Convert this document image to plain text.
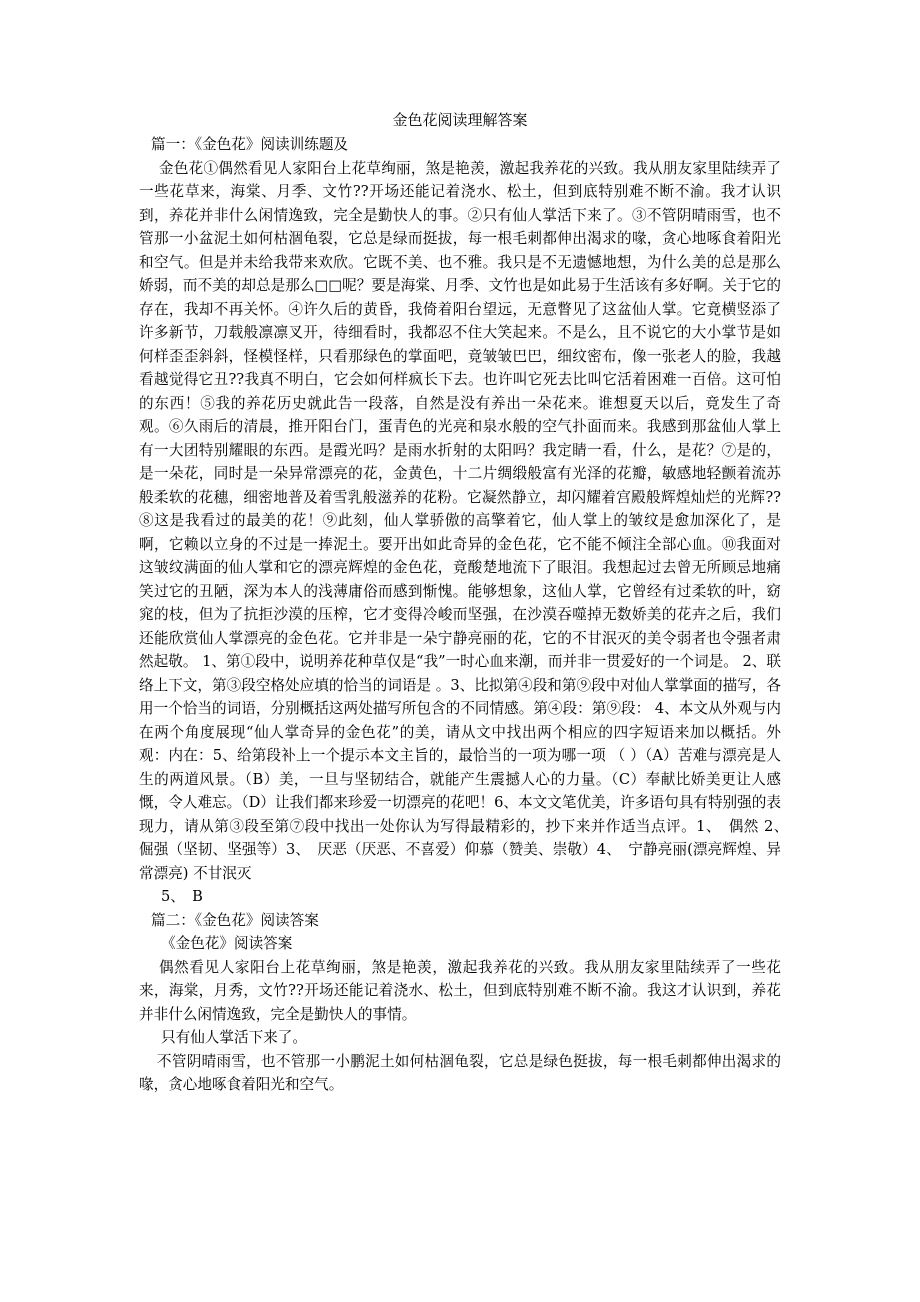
金色花阅读理解答案

篇一：《金色花》阅读训练题及

金色花①偶然看见人家阳台上花草绚丽，煞是艳羡，激起我养花的兴致。我从朋友家里陆续弄了一些花草来，海棠、月季、文竹??开场还能记着浇水、松土，但到底特别难不断不渝。我才认识到，养花并非什么闲情逸致，完全是勤快人的事。②只有仙人掌活下来了。③不管阴晴雨雪，也不管那一小盆泥土如何枯涸龟裂，它总是绿而挺拔，每一根毛刺都伸出渴求的喙，贪心地啄食着阳光和空气。但是并未给我带来欢欣。它既不美、也不雅。我只是不无遗憾地想，为什么美的总是那么娇弱，而不美的却总是那么□□呢？要是海棠、月季、文竹也是如此易于生活该有多好啊。关于它的存在，我却不再关怀。④许久后的黄昏，我倚着阳台望远，无意瞥见了这盆仙人掌。它竟横竖添了许多新节，刀载般凛凛叉开，待细看时，我都忍不住大笑起来。不是么，且不说它的大小掌节是如何样歪歪斜斜，怪模怪样，只看那绿色的掌面吧，竟皱皱巴巴，细纹密布，像一张老人的脸，我越看越觉得它丑??我真不明白，它会如何样疯长下去。也许叫它死去比叫它活着困难一百倍。这可怕的东西！⑤我的养花历史就此告一段落，自然是没有养出一朵花来。谁想夏天以后，竟发生了奇观。⑥久雨后的清晨，推开阳台门，蛋青色的光亮和泉水般的空气扑面而来。我感到那盆仙人掌上有一大团特别耀眼的东西。是霞光吗？是雨水折射的太阳吗？我定睛一看，什么，是花？⑦是的，是一朵花，同时是一朵异常漂亮的花，金黄色，十二片绸缎般富有光泽的花瓣，敏感地轻颤着流苏般柔软的花穗，细密地普及着雪乳般滋养的花粉。它凝然静立，却闪耀着宫殿般辉煌灿烂的光辉??⑧这是我看过的最美的花！⑨此刻，仙人掌骄傲的高擎着它，仙人掌上的皱纹是愈加深化了，是啊，它赖以立身的不过是一捧泥土。要开出如此奇异的金色花，它不能不倾注全部心血。⑩我面对这皱纹满面的仙人掌和它的漂亮辉煌的金色花，竟酸楚地流下了眼泪。我想起过去曾无所顾忌地痛笑过它的丑陋，深为本人的浅薄庸俗而感到惭愧。能够想象，这仙人掌，它曾经有过柔软的叶，窈窕的枝，但为了抗拒沙漠的压榨，它才变得冷峻而坚强，在沙漠吞噬掉无数娇美的花卉之后，我们还能欣赏仙人掌漂亮的金色花。它并非是一朵宁静亮丽的花，它的不甘泯灭的美令弱者也令强者肃然起敬。 1、第①段中，说明养花种草仅是“我”一时心血来潮，而并非一贯爱好的一个词是。 2、联络上下文，第③段空格处应填的恰当的词语是 。3、比拟第④段和第⑨段中对仙人掌掌面的描写，各用一个恰当的词语，分别概括这两处描写所包含的不同情感。第④段：第⑨段： 4、本文从外观与内在两个角度展现“仙人掌奇异的金色花”的美，请从文中找出两个相应的四字短语来加以概括。外观：内在：5、给第段补上一个提示本文主旨的，最恰当的一项为哪一项 （ ）（A）苦难与漂亮是人生的两道风景。（B）美，一旦与坚韧结合，就能产生震撼人心的力量。（C）奉献比娇美更让人感慨，令人难忘。（D）让我们都来珍爱一切漂亮的花吧！6、本文文笔优美，许多语句具有特别强的表现力，请从第③段至第⑦段中找出一处你认为写得最精彩的，抄下来并作适当点评。1、　偶然 2、　倔强（坚韧、坚强等）3、　厌恶（厌恶、不喜爱）仰慕（赞美、崇敬）4、　宁静亮丽(漂亮辉煌、异常漂亮) 不甘泯灭

5、　B

篇二：《金色花》阅读答案

《金色花》阅读答案

偶然看见人家阳台上花草绚丽，煞是艳羡，激起我养花的兴致。我从朋友家里陆续弄了一些花来，海棠，月秀，文竹??开场还能记着浇水、松土，但到底特别难不断不渝。我这才认识到，养花并非什么闲情逸致，完全是勤快人的事情。

只有仙人掌活下来了。

不管阴晴雨雪，也不管那一小鹏泥土如何枯涸龟裂，它总是绿色挺拔，每一根毛刺都伸出渴求的喙，贪心地啄食着阳光和空气。
